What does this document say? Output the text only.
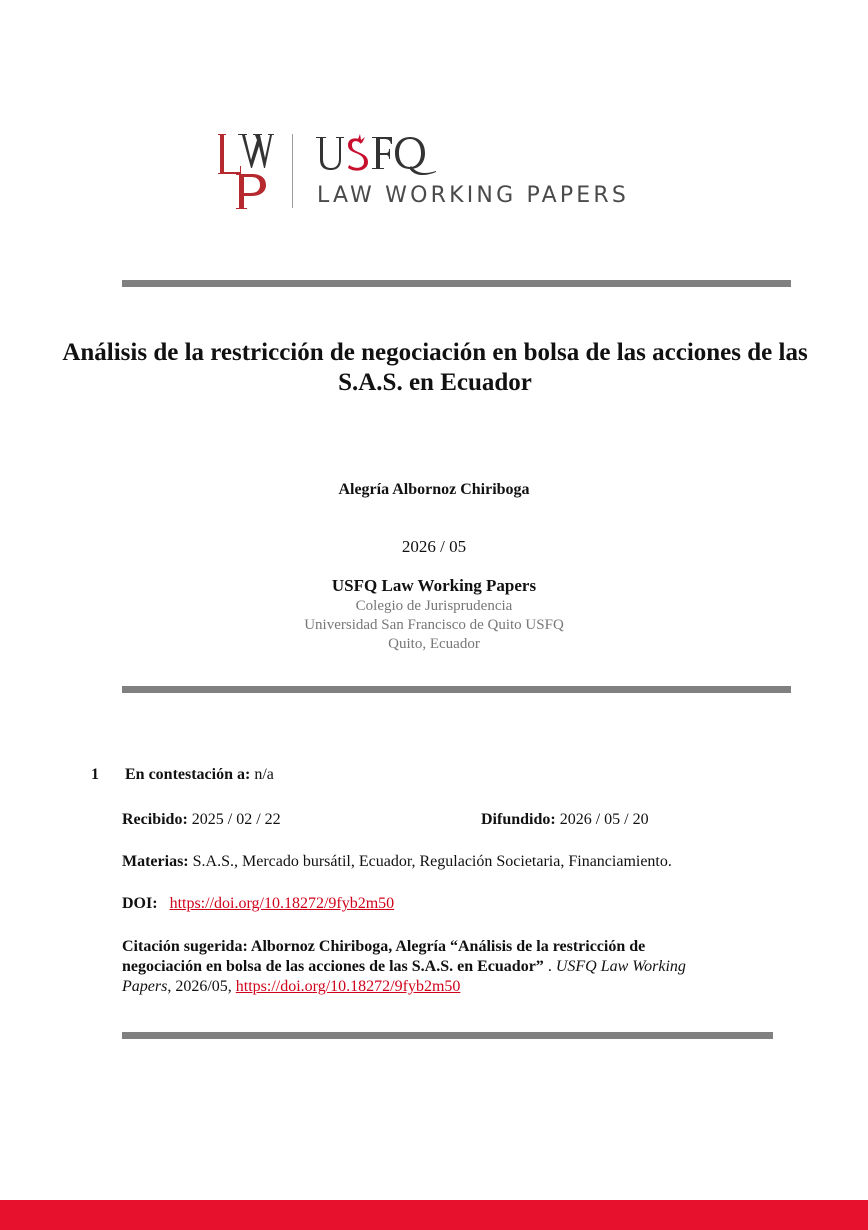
LAW WORKING PAPERS
Análisis de la restricción de negociación en bolsa de las acciones de las S.A.S. en Ecuador
Alegría Albornoz Chiriboga
2026 / 05
USFQ Law Working Papers
Colegio de Jurisprudencia
Universidad San Francisco de Quito USFQ
Quito, Ecuador
1 En contestación a: n/a
Recibido: 2025 / 02 / 22	Difundido: 2026 / 05 / 20
Materias: S.A.S., Mercado bursátil, Ecuador, Regulación Societaria, Financiamiento.
DOI: https://doi.org/10.18272/9fyb2m50
Citación sugerida: Albornoz Chiriboga, Alegría “Análisis de la restricción de negociación en bolsa de las acciones de las S.A.S. en Ecuador” . USFQ Law Working Papers, 2026/05, https://doi.org/10.18272/9fyb2m50
